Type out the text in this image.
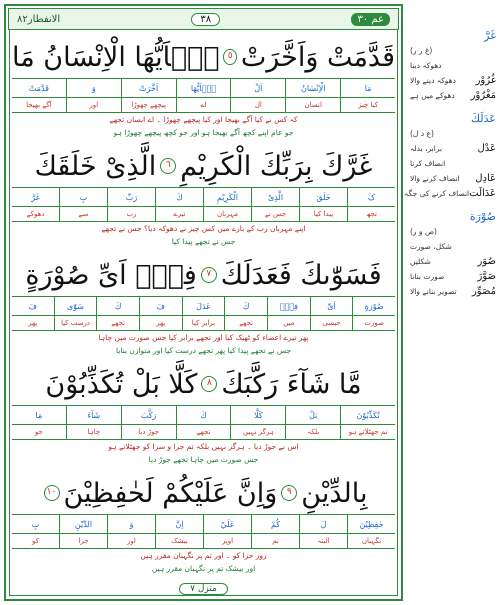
عم ٣٠
٣٨
الانفطار٨٢
قَدَّمَتْ وَاَخَّرَتْ
٥
يٰۤاَيُّهَا الْاِنْسَانُ مَا
مَا
الْاِنْسَانُ
اَلْ
يٰۤاَيُّهَا
اَخَّرَتْ
وَ
قَدَّمَتْ
کیا چیز
انسان
ال
اے
پیچھے چھوڑا
اور
آگے بھیجا
کہ کس نے کیا آگے بھیجا اور کیا پیچھے چھوڑا ۔ اے انسان تجھے
جو عام اپنے کچھ آگے بھیجا ہو اور جو کچھ پیچھے چھوڑا ہو
غَرَّكَ بِرَبِّكَ الْكَرِيْمِ
٦
الَّذِىْ خَلَقَكَ
کَ
خَلَقَ
الَّذِىْ
الْكَرِيْمِ
كَ
رَبِّ
بِ
غَرَّ
تجھ
پیدا کیا
جس نے
مہربان
تیرے
رب
سے
دھوکے
اپنے مہربان رب کے بارے میں کس چیز نے دھوکہ دیا؟ جس نے تجھے
جس نے تجھے پیدا کیا
فَسَوّٰىكَ فَعَدَلَكَ
٧
فِيْۤ اَىِّ صُوْرَةٍ
صُوْرَةٍ
اَىِّ
فِيْۤ
كَ
عَدَلَ
فَ
كَ
سَوّٰى
فَ
صورت
جیسی
میں
تجھے
برابر کیا
پھر
تجھے
درست کیا
پھر
پھر تیرے اعضاء کو ٹھیک کیا اور تجھے برابر کیا جس صورت میں چاہا
جس نے تجھے پیدا کیا پھر تجھے درست کیا اور متوازن بنایا
مَّا شَآءَ رَكَّبَكَ
٨
كَلَّا بَلْ تُكَذِّبُوْنَ
تُكَذِّبُوْنَ
بَلْ
كَلَّا
كَ
رَكَّبَ
شَآءَ
مَا
تم جھٹلاتے ہو
بلکہ
ہرگز نہیں
تجھے
جوڑ دیا
چاہا
جو
اس نے جوڑ دیا ۔ ہرگز نہیں بلکہ تم جزا و سزا کو جھٹلاتے ہو
جس صورت میں چاہا تجھے جوڑ دیا
بِالدِّيْنِ
٩
وَاِنَّ عَلَيْكُمْ لَحٰفِظِيْنَ
١٠
حٰفِظِيْنَ
لَ
كُمْ
عَلَيْ
اِنَّ
وَ
الدِّيْنِ
بِ
نگہبان
البتہ
تم
اوپر
بیشک
اور
جزا
کو
روز جزا کو ۔ اور تم پر نگہبان مقرر ہیں
اور بیشک تم پر نگہبان مقرر ہیں
منزل ٧
غَرَّ
(غ ر ر)
دھوکہ دینا
غُرُوْر
دھوکہ دینے والا
مَغْرُوْر
دھوکے میں ہے
عَدَلَكَ
(ع د ل)
عَدْل
برابر، بدلہ
انصاف کرنا
عَادِل
انصاف کرنے والا
عَدَالَت
انصاف کرنے کی جگہ
صُوْرَة
(ص و ر)
شکل، صورت
صُوَر
شکلیں
صَوَّرَ
صورت بنانا
مُصَوِّر
تصویر بنانے والا
